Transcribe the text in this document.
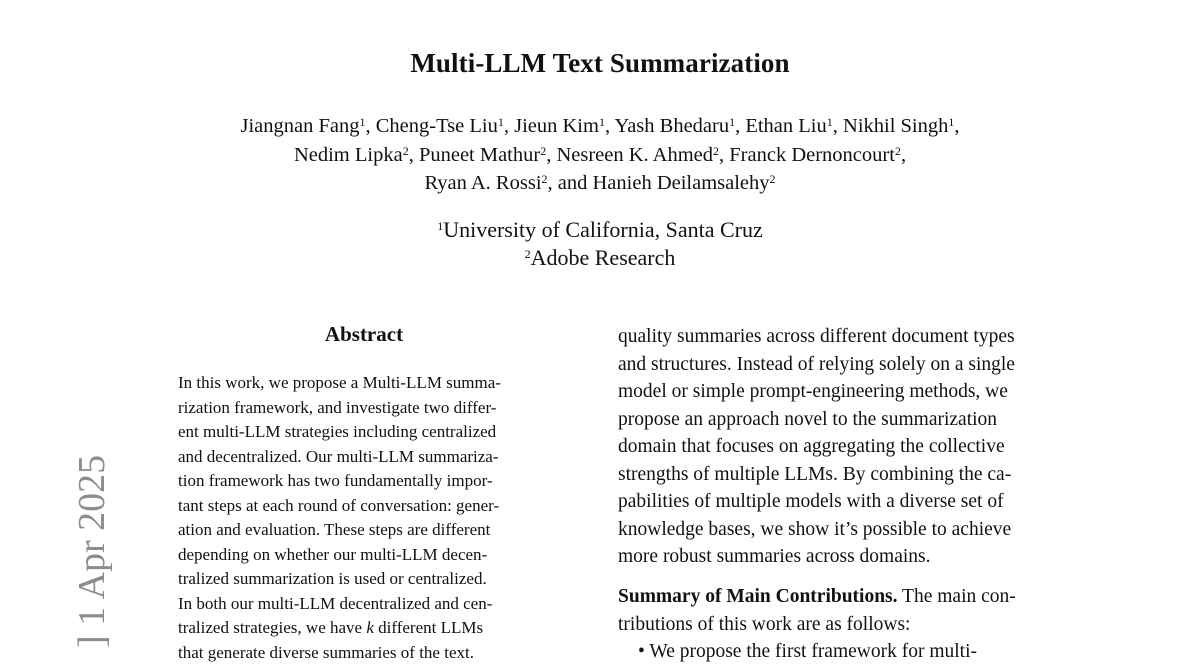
Multi-LLM Text Summarization
Jiangnan Fang$^1$, Cheng-Tse Liu$^1$, Jieun Kim$^1$, Yash Bhedaru$^1$, Ethan Liu$^1$, Nikhil Singh$^1$,
Nedim Lipka$^2$, Puneet Mathur$^2$, Nesreen K. Ahmed$^2$, Franck Dernoncourt$^2$,
Ryan A. Rossi$^2$, and Hanieh Deilamsalehy$^2$
$^1$University of California, Santa Cruz
$^2$Adobe Research
Abstract
In this work, we propose a Multi-LLM summa-
rization framework, and investigate two differ-
ent multi-LLM strategies including centralized
and decentralized. Our multi-LLM summariza-
tion framework has two fundamentally impor-
tant steps at each round of conversation: gener-
ation and evaluation. These steps are different
depending on whether our multi-LLM decen-
tralized summarization is used or centralized.
In both our multi-LLM decentralized and cen-
tralized strategies, we have k different LLMs
that generate diverse summaries of the text.
quality summaries across different document types
and structures. Instead of relying solely on a single
model or simple prompt-engineering methods, we
propose an approach novel to the summarization
domain that focuses on aggregating the collective
strengths of multiple LLMs. By combining the ca-
pabilities of multiple models with a diverse set of
knowledge bases, we show it’s possible to achieve
more robust summaries across domains.
Summary of Main Contributions. The main con-
tributions of this work are as follows:
• We propose the first framework for multi-
] 1 Apr 2025
